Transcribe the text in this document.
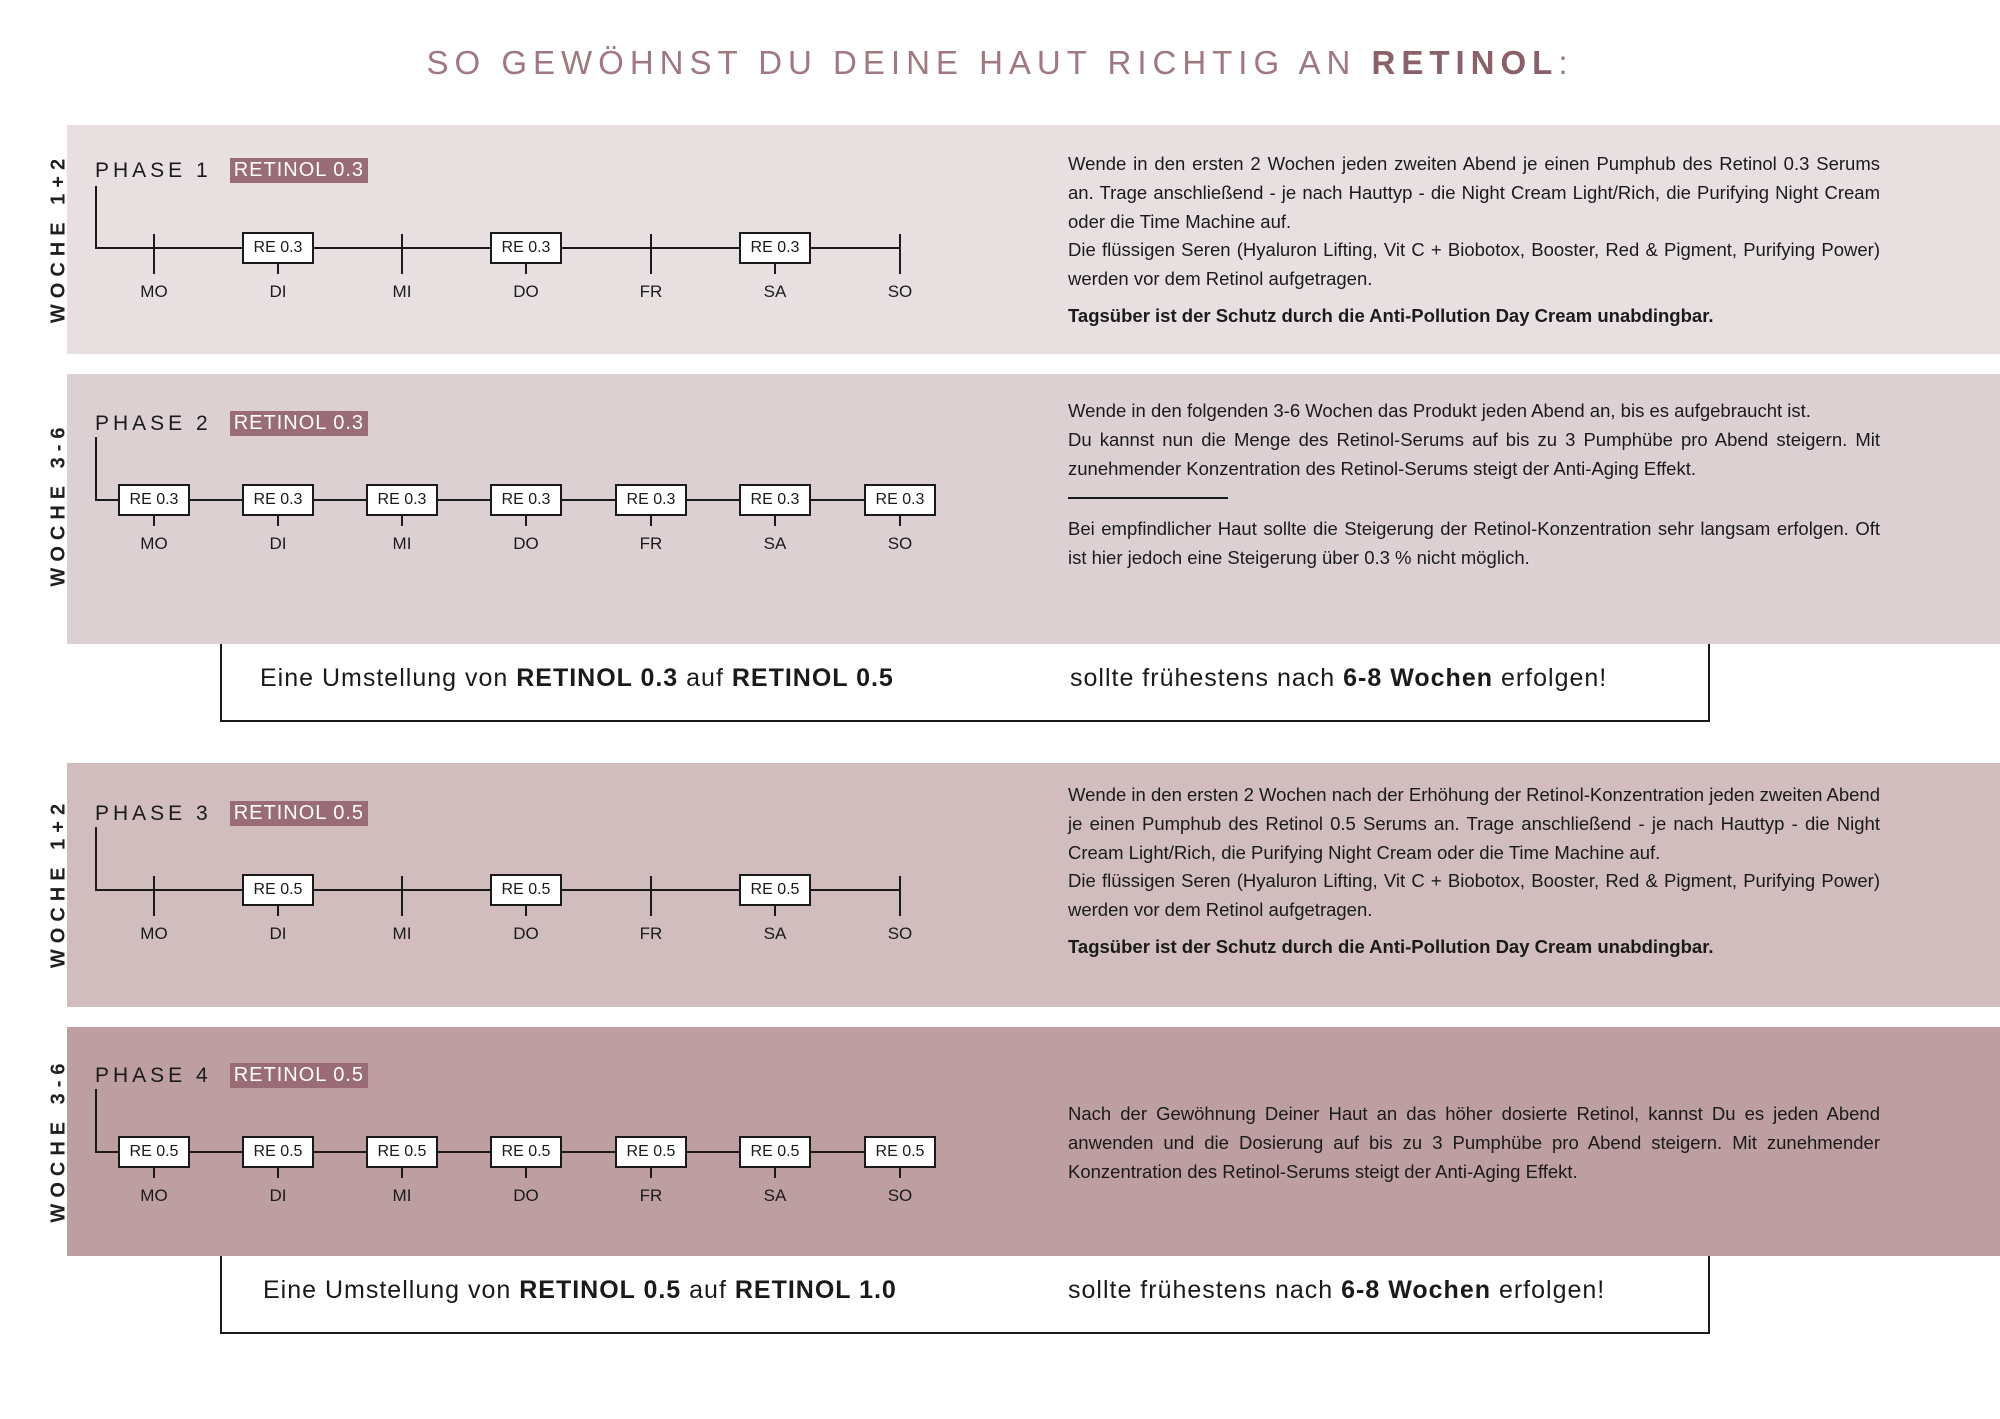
SO GEWÖHNST DU DEINE HAUT RICHTIG AN RETINOL:
WOCHE 1+2
WOCHE 3-6
WOCHE 1+2
WOCHE 3-6
PHASE 1 RETINOL 0.3
PHASE 2 RETINOL 0.3
PHASE 3 RETINOL 0.5
PHASE 4 RETINOL 0.5
MO
RE 0.3
DI	MI
RE 0.3
DO	FR
RE 0.3
SA	SO
RE 0.3
MO
RE 0.3
DI
RE 0.3
MI
RE 0.3
DO
RE 0.3
FR
RE 0.3
SA
RE 0.3
SO
MO
RE 0.5
DI	MI
RE 0.5
DO	FR
RE 0.5
SA	SO
RE 0.5
MO
RE 0.5
DI
RE 0.5
MI
RE 0.5
DO
RE 0.5
FR
RE 0.5
SA
RE 0.5
SO

Wende in den ersten 2 Wochen jeden zweiten Abend je einen Pumphub des Retinol 0.3 Serums an. Trage anschließend - je nach Hauttyp - die Night Cream Light/Rich, die Purifying Night Cream oder die Time Machine auf.

Die flüssigen Seren (Hyaluron Lifting, Vit C + Biobotox, Booster, Red & Pigment, Purifying Power) werden vor dem Retinol aufgetragen.

Tagsüber ist der Schutz durch die Anti-Pollution Day Cream unabdingbar.

Wende in den folgenden 3-6 Wochen das Produkt jeden Abend an, bis es aufgebraucht ist.

Du kannst nun die Menge des Retinol-Serums auf bis zu 3 Pumphübe pro Abend steigern. Mit zunehmender Konzentration des Retinol-Serums steigt der Anti-Aging Effekt.

Bei empfindlicher Haut sollte die Steigerung der Retinol-Konzentration sehr langsam erfolgen. Oft ist hier jedoch eine Steigerung über 0.3 % nicht möglich.

Wende in den ersten 2 Wochen nach der Erhöhung der Retinol-Konzentration jeden zweiten Abend je einen Pumphub des Retinol 0.5 Serums an. Trage anschließend - je nach Hauttyp - die Night Cream Light/Rich, die Purifying Night Cream oder die Time Machine auf.

Die flüssigen Seren (Hyaluron Lifting, Vit C + Biobotox, Booster, Red & Pigment, Purifying Power) werden vor dem Retinol aufgetragen.

Tagsüber ist der Schutz durch die Anti-Pollution Day Cream unabdingbar.

Nach der Gewöhnung Deiner Haut an das höher dosierte Retinol, kannst Du es jeden Abend anwenden und die Dosierung auf bis zu 3 Pumphübe pro Abend steigern. Mit zunehmender Konzentration des Retinol-Serums steigt der Anti-Aging Effekt.

Eine Umstellung von RETINOL 0.3 auf RETINOL 0.5	sollte frühestens nach 6-8 Wochen erfolgen!
Eine Umstellung von RETINOL 0.5 auf RETINOL 1.0	sollte frühestens nach 6-8 Wochen erfolgen!
